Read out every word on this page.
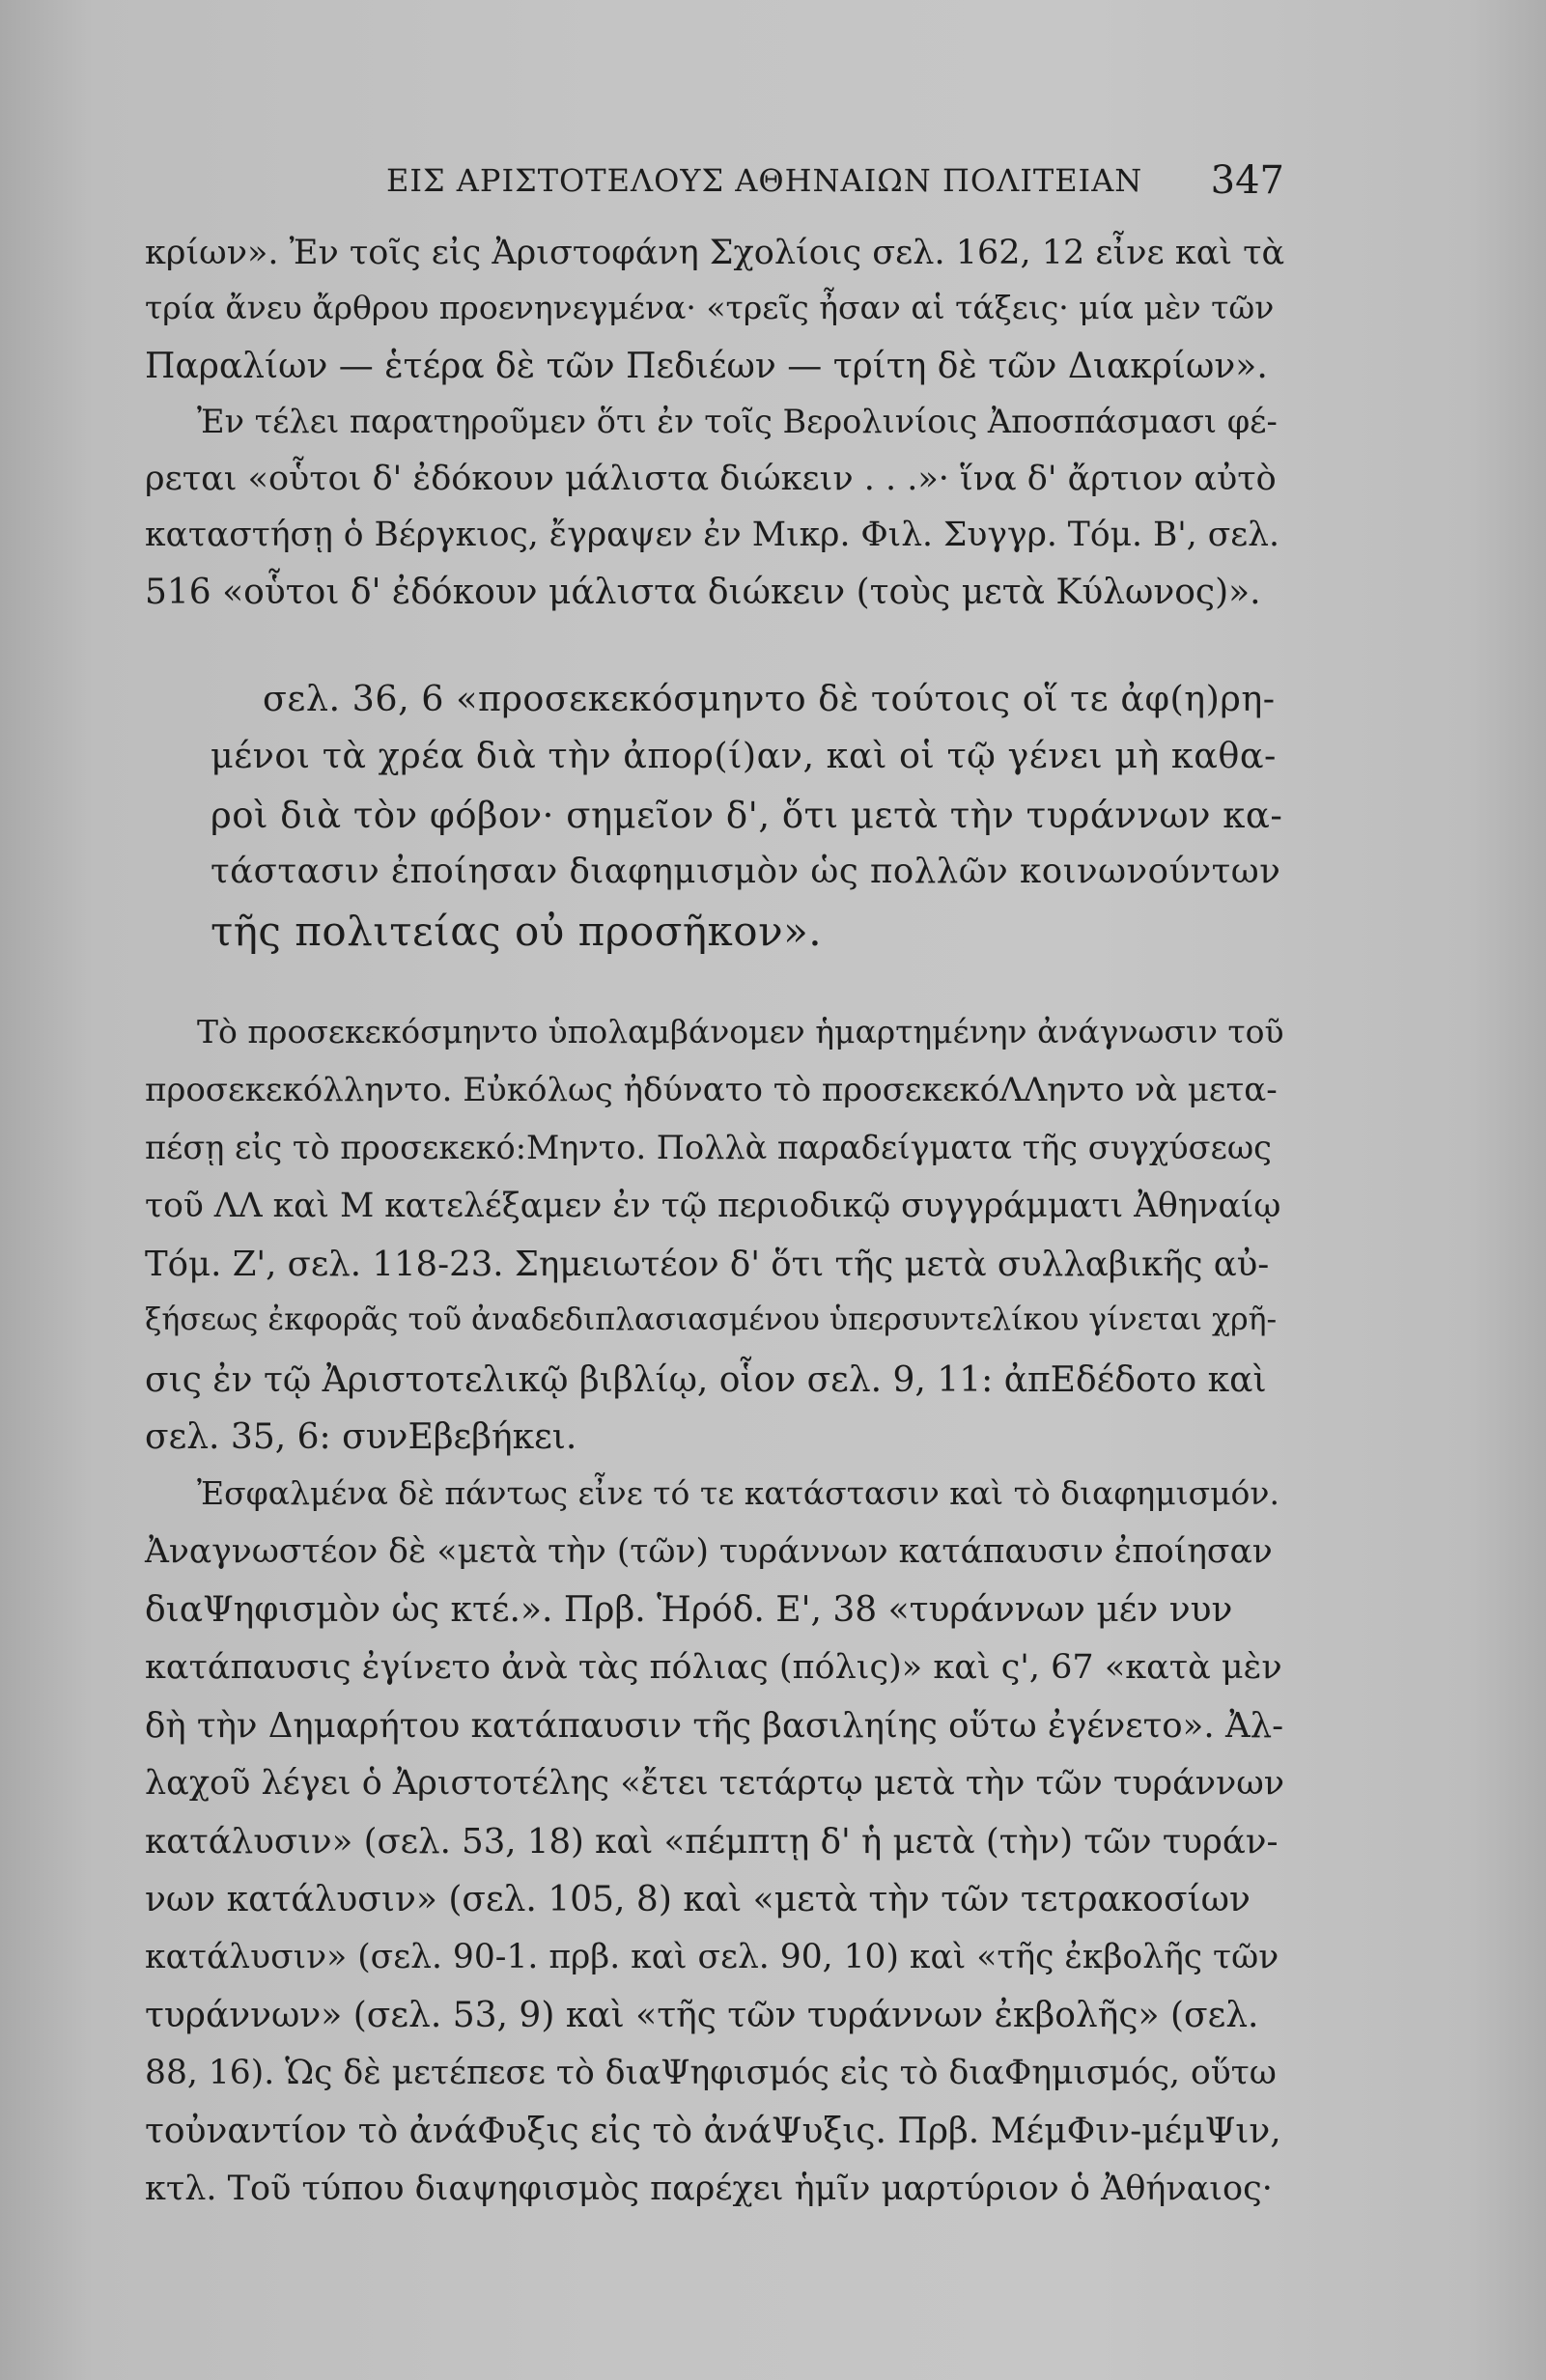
ΕΙΣ ΑΡΙΣΤΟΤΕΛΟΥΣ ΑΘΗΝΑΙΩΝ ΠΟΛΙΤΕΙΑΝ 347
κρίων». Ἐν τοῖς εἰς Ἀριστοφάνη Σχολίοις σελ. 162, 12 εἶνε καὶ τὰ
τρία ἄνευ ἄρθρου προενηνεγμένα· «τρεῖς ἦσαν αἱ τάξεις· μία μὲν τῶν
Παραλίων — ἑτέρα δὲ τῶν Πεδιέων — τρίτη δὲ τῶν Διακρίων».
Ἐν τέλει παρατηροῦμεν ὅτι ἐν τοῖς Βερολινίοις Ἀποσπάσμασι φέ-
ρεται «οὗτοι δ' ἐδόκουν μάλιστα διώκειν . . .»· ἵνα δ' ἄρτιον αὐτὸ
καταστήσῃ ὁ Βέργκιος, ἔγραψεν ἐν Μικρ. Φιλ. Συγγρ. Τόμ. Β', σελ.
516 «οὗτοι δ' ἐδόκουν μάλιστα διώκειν (τοὺς μετὰ Κύλωνος)».
σελ. 36, 6 «προσεκεκόσμηντο δὲ τούτοις οἵ τε ἀφ(η)ρη-
μένοι τὰ χρέα διὰ τὴν ἀπορ(ί)αν, καὶ οἱ τῷ γένει μὴ καθα-
ροὶ διὰ τὸν φόβον· σημεῖον δ', ὅτι μετὰ τὴν τυράννων κα-
τάστασιν ἐποίησαν διαφημισμὸν ὡς πολλῶν κοινωνούντων
τῆς πολιτείας οὐ προσῆκον».
Τὸ προσεκεκόσμηντο ὑπολαμβάνομεν ἡμαρτημένην ἀνάγνωσιν τοῦ
προσεκεκόλληντο. Εὐκόλως ἠδύνατο τὸ προσεκεκόΛΛηντο νὰ μετα-
πέσῃ εἰς τὸ προσεκεκό:Μηντο. Πολλὰ παραδείγματα τῆς συγχύσεως
τοῦ ΛΛ καὶ Μ κατελέξαμεν ἐν τῷ περιοδικῷ συγγράμματι Ἀθηναίῳ
Τόμ. Ζ', σελ. 118-23. Σημειωτέον δ' ὅτι τῆς μετὰ συλλαβικῆς αὐ-
ξήσεως ἐκφορᾶς τοῦ ἀναδεδιπλασιασμένου ὑπερσυντελίκου γίνεται χρῆ-
σις ἐν τῷ Ἀριστοτελικῷ βιβλίῳ, οἷον σελ. 9, 11: ἀπΕδέδοτο καὶ
σελ. 35, 6: συνΕβεβήκει.
Ἐσφαλμένα δὲ πάντως εἶνε τό τε κατάστασιν καὶ τὸ διαφημισμόν.
Ἀναγνωστέον δὲ «μετὰ τὴν (τῶν) τυράννων κατάπαυσιν ἐποίησαν
διαΨηφισμὸν ὡς κτέ.». Πρβ. Ἡρόδ. Ε', 38 «τυράννων μέν νυν
κατάπαυσις ἐγίνετο ἀνὰ τὰς πόλιας (πόλις)» καὶ ς', 67 «κατὰ μὲν
δὴ τὴν Δημαρήτου κατάπαυσιν τῆς βασιληίης οὕτω ἐγένετο». Ἀλ-
λαχοῦ λέγει ὁ Ἀριστοτέλης «ἔτει τετάρτῳ μετὰ τὴν τῶν τυράννων
κατάλυσιν» (σελ. 53, 18) καὶ «πέμπτῃ δ' ἡ μετὰ (τὴν) τῶν τυράν-
νων κατάλυσιν» (σελ. 105, 8) καὶ «μετὰ τὴν τῶν τετρακοσίων
κατάλυσιν» (σελ. 90-1. πρβ. καὶ σελ. 90, 10) καὶ «τῆς ἐκβολῆς τῶν
τυράννων» (σελ. 53, 9) καὶ «τῆς τῶν τυράννων ἐκβολῆς» (σελ.
88, 16). Ὡς δὲ μετέπεσε τὸ διαΨηφισμός εἰς τὸ διαΦημισμός, οὕτω
τοὐναντίον τὸ ἀνάΦυξις εἰς τὸ ἀνάΨυξις. Πρβ. ΜέμΦιν-μέμΨιν,
κτλ. Τοῦ τύπου διαψηφισμὸς παρέχει ἡμῖν μαρτύριον ὁ Ἀθήναιος·
